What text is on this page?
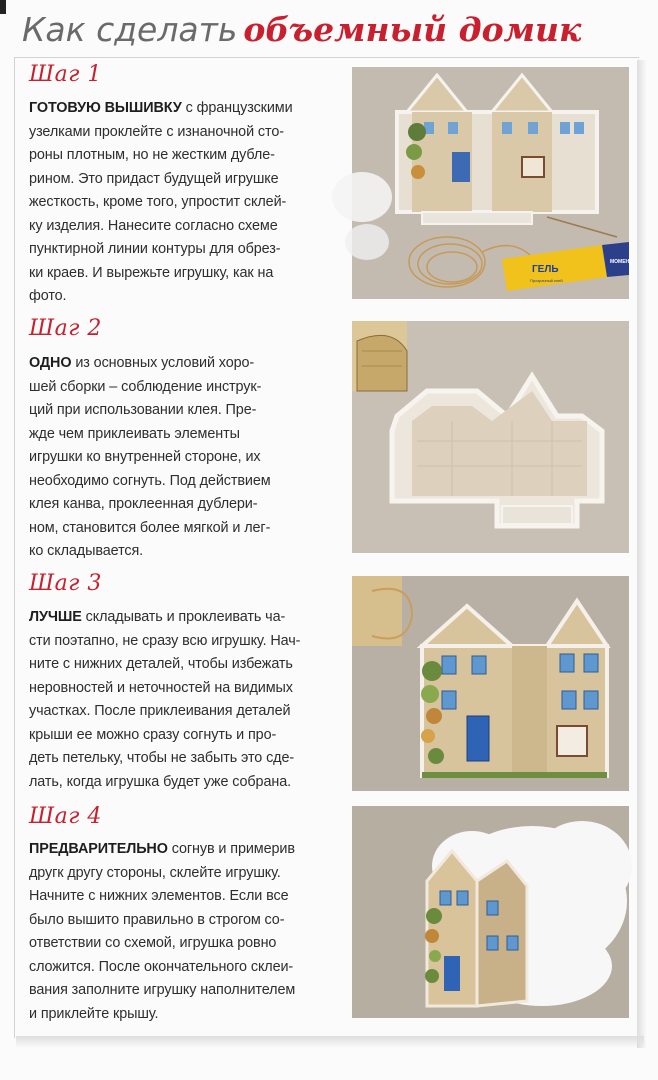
Как сделать объемный домик
Шаг 1
ГОТОВУЮ ВЫШИВКУ с французскими
узелками проклейте с изнаночной сто-
роны плотным, но не жестким дубле-
рином. Это придаст будущей игрушке
жесткость, кроме того, упростит склей-
ку изделия. Нанесите согласно схеме
пунктирной линии контуры для обрез-
ки краев. И вырежьте игрушку, как на
фото.
ГЕЛЬ
Прозрачный клей
МОМЕНТ
Шаг 2
ОДНО из основных условий хоро-
шей сборки – соблюдение инструк-
ций при использовании клея. Пре-
жде чем приклеивать элементы
игрушки ко внутренней стороне, их
необходимо согнуть. Под действием
клея канва, проклеенная дублери-
ном, становится более мягкой и лег-
ко складывается.
Шаг 3
ЛУЧШЕ складывать и проклеивать ча-
сти поэтапно, не сразу всю игрушку. Нач-
ните с нижних деталей, чтобы избежать
неровностей и неточностей на видимых
участках. После приклеивания деталей
крыши ее можно сразу согнуть и про-
деть петельку, чтобы не забыть это сде-
лать, когда игрушка будет уже собрана.
Шаг 4
ПРЕДВАРИТЕЛЬНО согнув и примерив
другк другу стороны, склейте игрушку.
Начните с нижних элементов. Если все
было вышито правильно в строгом со-
ответствии со схемой, игрушка ровно
сложится. После окончательного склеи-
вания заполните игрушку наполнителем
и приклейте крышу.
